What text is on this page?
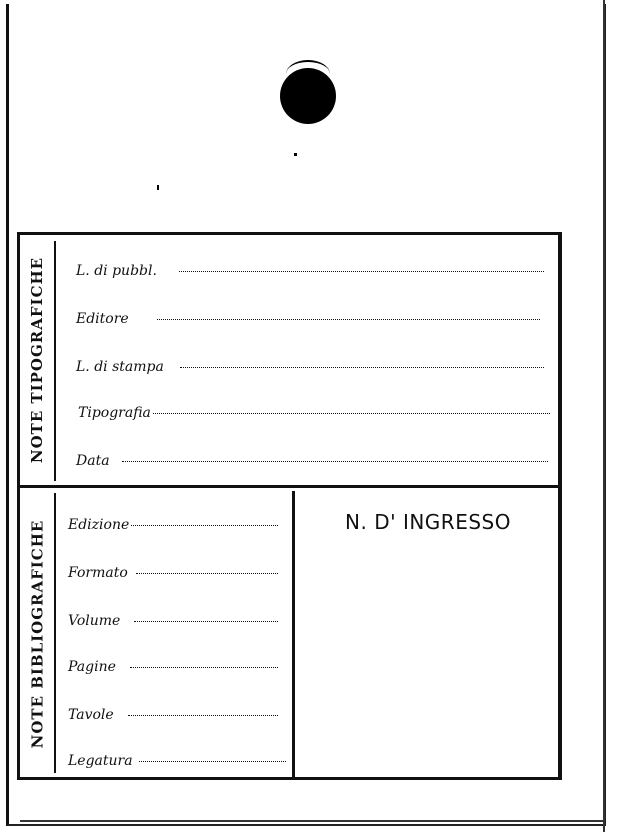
NOTE TIPOGRAFICHE L. di pubbl.
Editore
L. di stampa
Tipografia
Data
NOTE BIBLIOGRAFICHE Edizione
Formato
Volume
Pagine
Tavole
Legatura
N. D' INGRESSO
